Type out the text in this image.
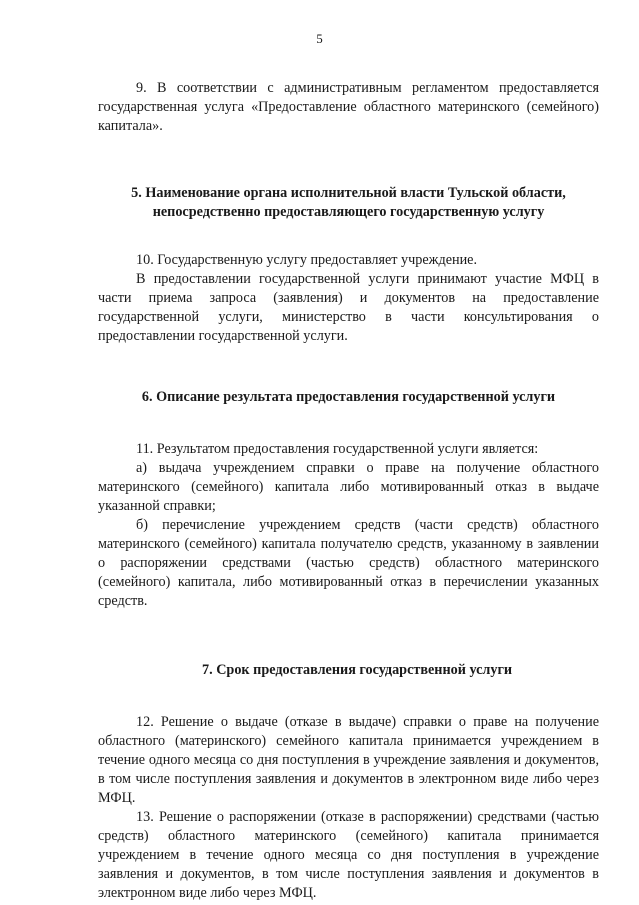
5

9. В соответствии с административным регламентом предоставляется государственная услуга «Предоставление областного материнского (семейного) капитала».

5. Наименование органа исполнительной власти Тульской области, непосредственно предоставляющего государственную услугу

10. Государственную услугу предоставляет учреждение.

В предоставлении государственной услуги принимают участие МФЦ в части приема запроса (заявления) и документов на предоставление государственной услуги, министерство в части консультирования о предоставлении государственной услуги.

6. Описание результата предоставления государственной услуги

11. Результатом предоставления государственной услуги является:

а) выдача учреждением справки о праве на получение областного материнского (семейного) капитала либо мотивированный отказ в выдаче указанной справки;

б) перечисление учреждением средств (части средств) областного материнского (семейного) капитала получателю средств, указанному в заявлении о распоряжении средствами (частью средств) областного материнского (семейного) капитала, либо мотивированный отказ в перечислении указанных средств.

7. Срок предоставления государственной услуги

12. Решение о выдаче (отказе в выдаче) справки о праве на получение областного (материнского) семейного капитала принимается учреждением в течение одного месяца со дня поступления в учреждение заявления и документов, в том числе поступления заявления и документов в электронном виде либо через МФЦ.

13. Решение о распоряжении (отказе в распоряжении) средствами (частью средств) областного материнского (семейного) капитала принимается учреждением в течение одного месяца со дня поступления в учреждение заявления и документов, в том числе поступления заявления и документов в электронном виде либо через МФЦ.
